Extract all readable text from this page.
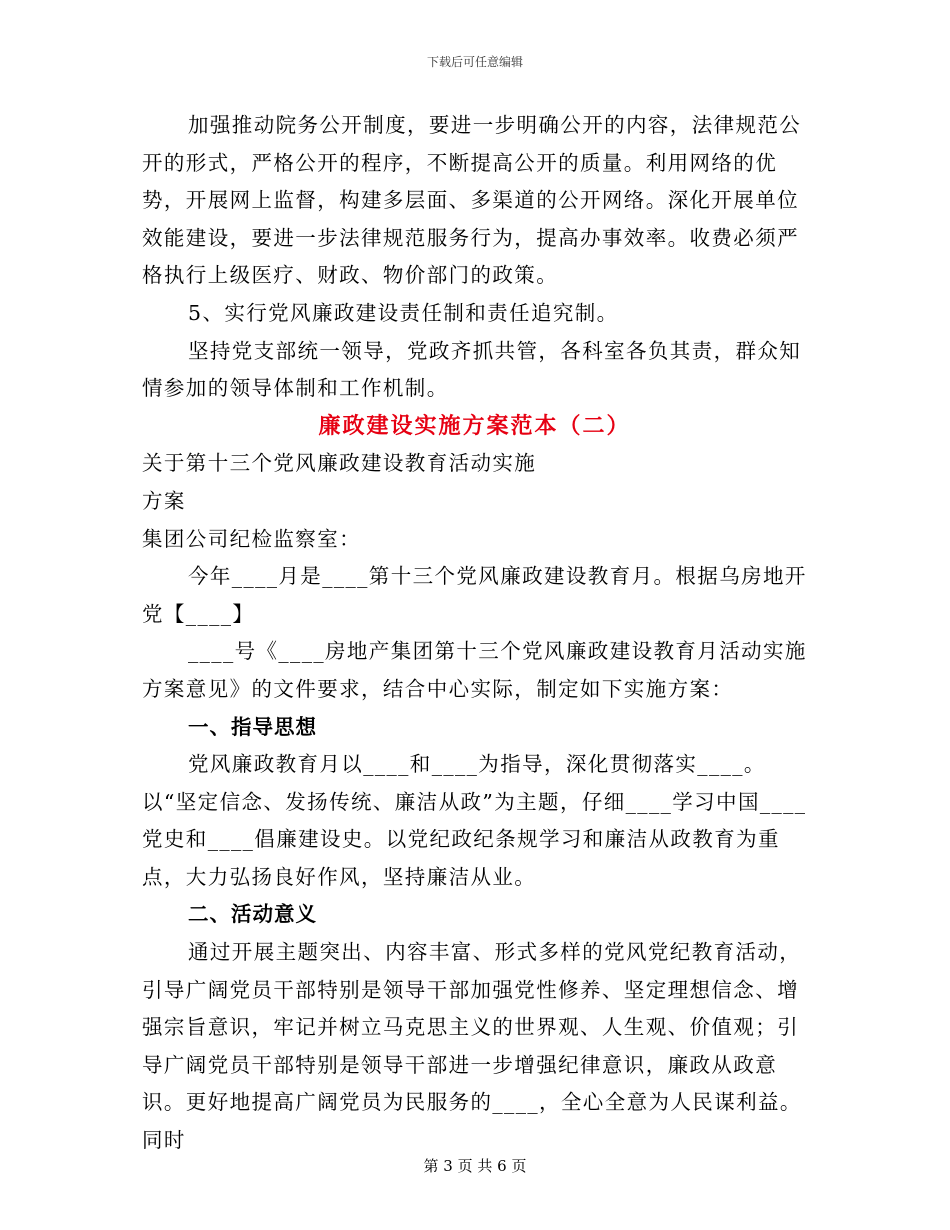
下载后可任意编辑

加强推动院务公开制度，要进一步明确公开的内容，法律规范公开的形式，严格公开的程序，不断提高公开的质量。利用网络的优势，开展网上监督，构建多层面、多渠道的公开网络。深化开展单位效能建设，要进一步法律规范服务行为，提高办事效率。收费必须严格执行上级医疗、财政、物价部门的政策。

5、实行党风廉政建设责任制和责任追究制。

坚持党支部统一领导，党政齐抓共管，各科室各负其责，群众知情参加的领导体制和工作机制。

廉政建设实施方案范本（二）

关于第十三个党风廉政建设教育活动实施

方案

集团公司纪检监察室：

今年____月是____第十三个党风廉政建设教育月。根据乌房地开党【____】

____号《____房地产集团第十三个党风廉政建设教育月活动实施方案意见》的文件要求，结合中心实际，制定如下实施方案：

一、指导思想

党风廉政教育月以____和____为指导，深化贯彻落实____。以“坚定信念、发扬传统、廉洁从政”为主题，仔细____学习中国____党史和____倡廉建设史。以党纪政纪条规学习和廉洁从政教育为重点，大力弘扬良好作风，坚持廉洁从业。

二、活动意义

通过开展主题突出、内容丰富、形式多样的党风党纪教育活动，引导广阔党员干部特别是领导干部加强党性修养、坚定理想信念、增强宗旨意识，牢记并树立马克思主义的世界观、人生观、价值观；引导广阔党员干部特别是领导干部进一步增强纪律意识，廉政从政意识。更好地提高广阔党员为民服务的____，全心全意为人民谋利益。同时

第 3 页 共 6 页
